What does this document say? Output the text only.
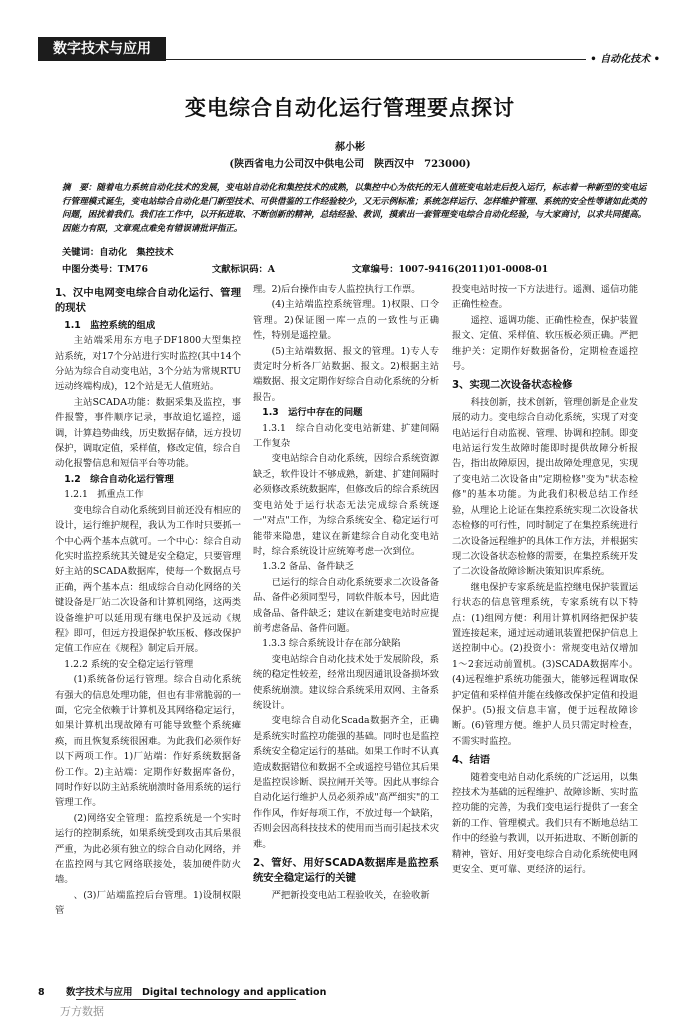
数字技术与应用
• 自动化技术 •
变电综合自动化运行管理要点探讨
郝小彬
(陕西省电力公司汉中供电公司　陕西汉中　723000)
摘　要：随着电力系统自动化技术的发展，变电站自动化和集控技术的成熟，以集控中心为依托的无人值班变电站走后投入运行，标志着一种新型的变电运行管理模式诞生，变电站综合自动化是门新型技术、可供借鉴的工作经验较少，又无示例标准；系统怎样运行、怎样维护管理、系统的安全性等诸如此类的问题，困扰着我们。我们在工作中，以开拓进取、不断创新的精神，总结经验、教训，摸索出一套管理变电综合自动化经验，与大家商讨，以求共同提高。因能力有限，文章观点难免有错误请批评指正。
关键词：自动化　集控技术
中图分类号：TM76	文献标识码：A	文章编号：1007-9416(2011)01-0008-01

1、汉中电网变电综合自动化运行、管理的现状

1.1　监控系统的组成

主站端采用东方电子DF1800大型集控站系统，对17个分站进行实时监控(其中14个分站为综合自动变电站，3个分站为常规RTU远动终端构成)，12个站是无人值班站。

主站SCADA功能：数据采集及监控，事件报警，事件顺序记录，事故追忆遥控，遥调，计算趋势曲线，历史数据存储，远方投切保护，调取定值，采样值，修改定值，综合自动化报警信息和短信平台等功能。

1.2　综合自动化运行管理

1.2.1　抓重点工作

变电综合自动化系统到目前还没有相应的设计，运行维护规程，我认为工作时只要抓一个中心两个基本点就可。一个中心：综合自动化实时监控系统其关键是安全稳定，只要管理好主站的SCADA数据库，使每一个数据点号正确，两个基本点：组成综合自动化网络的关键设备是厂站二次设备和计算机网络，这两类设备维护可以延用现有继电保护及远动《规程》即可，但远方投退保护软压板、修改保护定值工作应在《规程》制定后开展。

1.2.2 系统的安全稳定运行管理

(1)系统备份运行管理。综合自动化系统有强大的信息处理功能，但也有非常脆弱的一面，它完全依赖于计算机及其网络稳定运行，如果计算机出现故障有可能导致整个系统瘫痪，而且恢复系统很困难。为此我们必须作好以下两项工作。1)厂站端：作好系统数据备份工作。2)主站端：定期作好数据库备份，同时作好以防主站系统崩溃时备用系统的运行管理工作。

(2)网络安全管理：监控系统是一个实时运行的控制系统，如果系统受到攻击其后果很严重，为此必须有独立的综合自动化网络，并在监控网与其它网络联接处，装加硬件防火墙。

、(3)厂站端监控后台管理。1)设制权限管

理。2)后台操作由专人监控执行工作票。

(4)主站端监控系统管理。1)权限、口令管理。2)保证图一库一点的一致性与正确性，特别是遥控量。

(5)主站端数据、报文的管理。1)专人专责定时分析各厂站数据、报文。2)根据主站端数据、报文定期作好综合自动化系统的分析报告。

1.3　运行中存在的问题

1.3.1　综合自动化变电站新建、扩建间隔工作复杂

变电站综合自动化系统，因综合系统资源缺乏，软件设计不够成熟，新建、扩建间隔时必须修改系统数据库，但修改后的综合系统因变电站处于运行状态无法完成综合系统逐一"对点"工作，为综合系统安全、稳定运行可能带来隐患，建议在新建综合自动化变电站时，综合系统设计应统筹考虑一次到位。

1.3.2 备品、备件缺乏

已运行的综合自动化系统要求二次设备备品、备件必须同型号，同软件版本号，因此造成备品、备件缺乏；建议在新建变电站时应提前考虑备品、备件问题。

1.3.3 综合系统设计存在部分缺陷

变电站综合自动化技术处于发展阶段，系统的稳定性较差，经常出现因通讯设备损坏致使系统崩溃。建议综合系统采用双网、主备系统设计。

变电综合自动化Scada数据齐全，正确是系统实时监控功能强的基础。同时也是监控系统安全稳定运行的基础。如果工作时不认真造成数据错位和数据不全或遥控号错位其后果是监控误诊断、误拉闸开关等。因此从事综合自动化运行维护人员必须养成"高严细实"的工作作风，作好每项工作，不放过每一个缺陷，否则会因高科技技术的使用而当而引起技术灾难。

2、管好、用好SCADA数据库是监控系统安全稳定运行的关键

严把新投变电站工程验收关，在验收新

投变电站时按一下方法进行。遥测、遥信功能正确性检查。

遥控、遥调功能、正确性检查，保护装置报文、定值、采样值、软压板必须正确。严把维护关：定期作好数据备份，定期检查遥控号。

3、实现二次设备状态检修

科技创新，技术创新，管理创新是企业发展的动力。变电综合自动化系统，实现了对变电站运行自动监视、管理、协调和控制。即变电站运行发生故障时能即时提供故障分析报告，指出故障原因，提出故障处理意见，实现了变电站二次设备由"定期检修"变为"状态检修"的基本功能。为此我们积极总结工作经验，从理论上论证在集控系统实现二次设备状态检修的可行性，同时制定了在集控系统进行二次设备远程维护的具体工作方法，并根据实现二次设备状态检修的需要，在集控系统开发了二次设备故障诊断决策知识库系统。

继电保护专家系统是监控继电保护装置运行状态的信息管理系统，专家系统有以下特点：(1)组网方便：利用计算机网络把保护装置连接起来，通过远动通讯装置把保护信息上送控制中心。(2)投资小：常规变电站仅增加1～2套远动前置机。(3)SCADA数据库小。(4)远程维护系统功能强大，能够远程调取保护定值和采样值并能在线修改保护定值和投退保护。(5)报文信息丰富，便于远程故障诊断。(6)管理方便。维护人员只需定时检查，不需实时监控。

4、结语

随着变电站自动化系统的广泛运用，以集控技术为基础的远程维护、故障诊断、实时监控功能的完善，为我们变电运行提供了一套全新的工作、管理模式。我们只有不断地总结工作中的经验与教训，以开拓进取、不断创新的精神，管好、用好变电综合自动化系统使电网更安全、更可靠、更经济的运行。

8 数字技术与应用　Digital technology and application
万方数据
